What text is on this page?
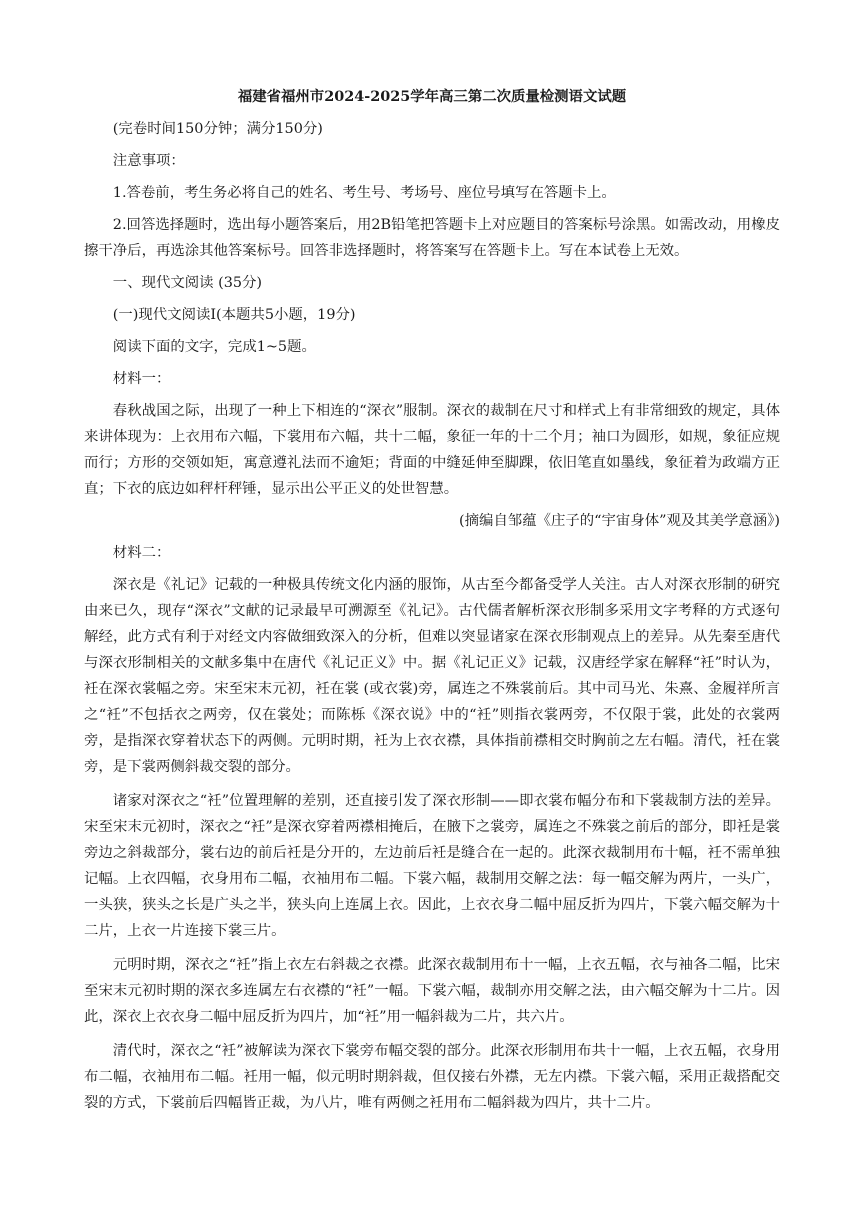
福建省福州市2024-2025学年高三第二次质量检测语文试题
(完卷时间150分钟；满分150分)
注意事项：
1.答卷前，考生务必将自己的姓名、考生号、考场号、座位号填写在答题卡上。
2.回答选择题时，选出每小题答案后，用2B铅笔把答题卡上对应题目的答案标号涂黑。如需改动，用橡皮擦干净后，再选涂其他答案标号。回答非选择题时，将答案写在答题卡上。写在本试卷上无效。
一、现代文阅读 (35分)
(一)现代文阅读Ⅰ(本题共5小题，19分)
阅读下面的文字，完成1~5题。
材料一：
春秋战国之际，出现了一种上下相连的“深衣”服制。深衣的裁制在尺寸和样式上有非常细致的规定，具体来讲体现为：上衣用布六幅，下裳用布六幅，共十二幅，象征一年的十二个月；袖口为圆形，如规，象征应规而行；方形的交领如矩，寓意遵礼法而不逾矩；背面的中缝延伸至脚踝，依旧笔直如墨线，象征着为政端方正直；下衣的底边如秤杆秤锤，显示出公平正义的处世智慧。
(摘编自邹蕴《庄子的“宇宙身体”观及其美学意涵》)
材料二：
深衣是《礼记》记载的一种极具传统文化内涵的服饰，从古至今都备受学人关注。古人对深衣形制的研究由来已久，现存“深衣”文献的记录最早可溯源至《礼记》。古代儒者解析深衣形制多采用文字考释的方式逐句解经，此方式有利于对经文内容做细致深入的分析，但难以突显诸家在深衣形制观点上的差异。从先秦至唐代与深衣形制相关的文献多集中在唐代《礼记正义》中。据《礼记正义》记载，汉唐经学家在解释“衽”时认为，衽在深衣裳幅之旁。宋至宋末元初，衽在裳 (或衣裳)旁，属连之不殊裳前后。其中司马光、朱熹、金履祥所言之“衽”不包括衣之两旁，仅在裳处；而陈栎《深衣说》中的“衽”则指衣裳两旁，不仅限于裳，此处的衣裳两旁，是指深衣穿着状态下的两侧。元明时期，衽为上衣衣襟，具体指前襟相交时胸前之左右幅。清代，衽在裳旁，是下裳两侧斜裁交裂的部分。
诸家对深衣之“衽”位置理解的差别，还直接引发了深衣形制——即衣裳布幅分布和下裳裁制方法的差异。宋至宋末元初时，深衣之“衽”是深衣穿着两襟相掩后，在腋下之裳旁，属连之不殊裳之前后的部分，即衽是裳旁边之斜裁部分，裳右边的前后衽是分开的，左边前后衽是缝合在一起的。此深衣裁制用布十幅，衽不需单独记幅。上衣四幅，衣身用布二幅，衣袖用布二幅。下裳六幅，裁制用交解之法：每一幅交解为两片，一头广，一头狭，狭头之长是广头之半，狭头向上连属上衣。因此，上衣衣身二幅中屈反折为四片，下裳六幅交解为十二片，上衣一片连接下裳三片。
元明时期，深衣之“衽”指上衣左右斜裁之衣襟。此深衣裁制用布十一幅，上衣五幅，衣与袖各二幅，比宋至宋末元初时期的深衣多连属左右衣襟的“衽”一幅。下裳六幅，裁制亦用交解之法，由六幅交解为十二片。因此，深衣上衣衣身二幅中屈反折为四片，加“衽”用一幅斜裁为二片，共六片。
清代时，深衣之“衽”被解读为深衣下裳旁布幅交裂的部分。此深衣形制用布共十一幅，上衣五幅，衣身用布二幅，衣袖用布二幅。衽用一幅，似元明时期斜裁，但仅接右外襟，无左内襟。下裳六幅，采用正裁搭配交裂的方式，下裳前后四幅皆正裁，为八片，唯有两侧之衽用布二幅斜裁为四片，共十二片。
